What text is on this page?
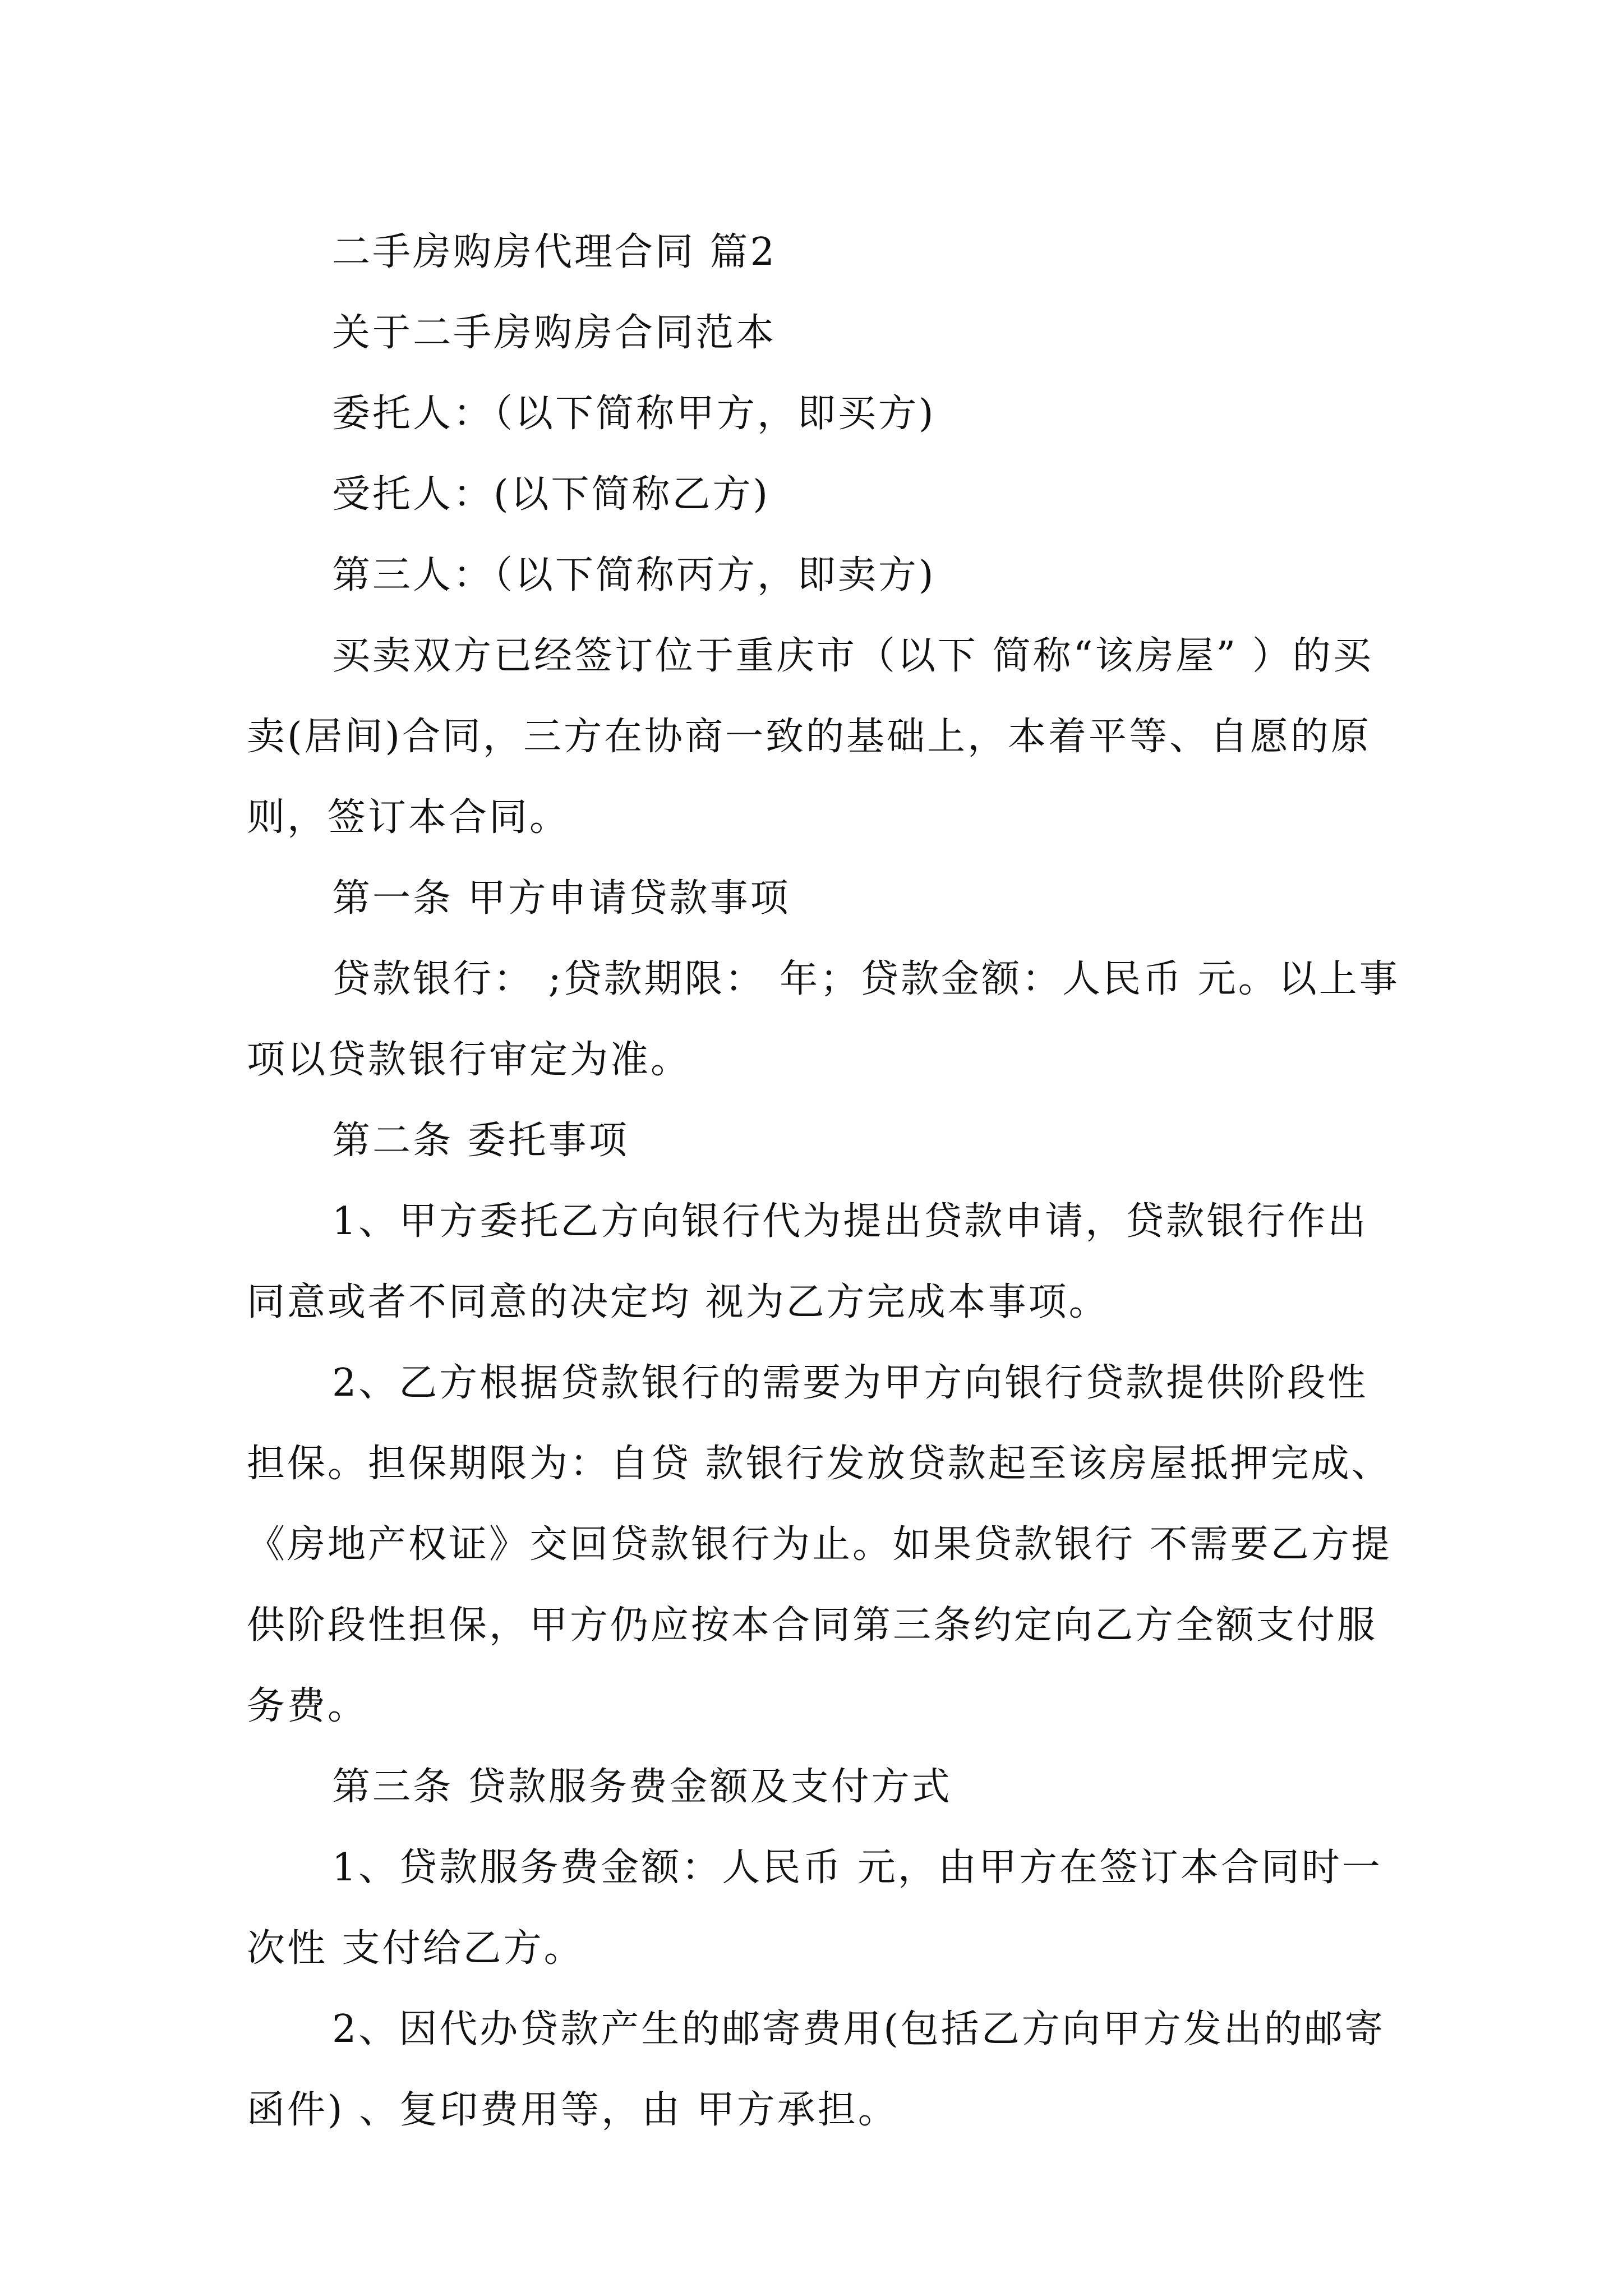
二手房购房代理合同 篇2

关于二手房购房合同范本

委托人：（以下简称甲方，即买方)

受托人：(以下简称乙方)

第三人：（以下简称丙方，即卖方)

买卖双方已经签订位于重庆市（以下 简称“该房屋” ）的买卖(居间)合同，三方在协商一致的基础上，本着平等、自愿的原 则，签订本合同。

第一条 甲方申请贷款事项

贷款银行： ;贷款期限： 年；贷款金额：人民币 元。以上事项以贷款银行审定为准。

第二条 委托事项

1、甲方委托乙方向银行代为提出贷款申请，贷款银行作出同意或者不同意的决定均 视为乙方完成本事项。

2、乙方根据贷款银行的需要为甲方向银行贷款提供阶段性担保。担保期限为：自贷 款银行发放贷款起至该房屋抵押完成、 《房地产权证》交回贷款银行为止。如果贷款银行 不需要乙方提供阶段性担保，甲方仍应按本合同第三条约定向乙方全额支付服务费。

第三条 贷款服务费金额及支付方式

1、贷款服务费金额：人民币 元，由甲方在签订本合同时一次性 支付给乙方。

2、因代办贷款产生的邮寄费用(包括乙方向甲方发出的邮寄函件) 、复印费用等，由 甲方承担。
